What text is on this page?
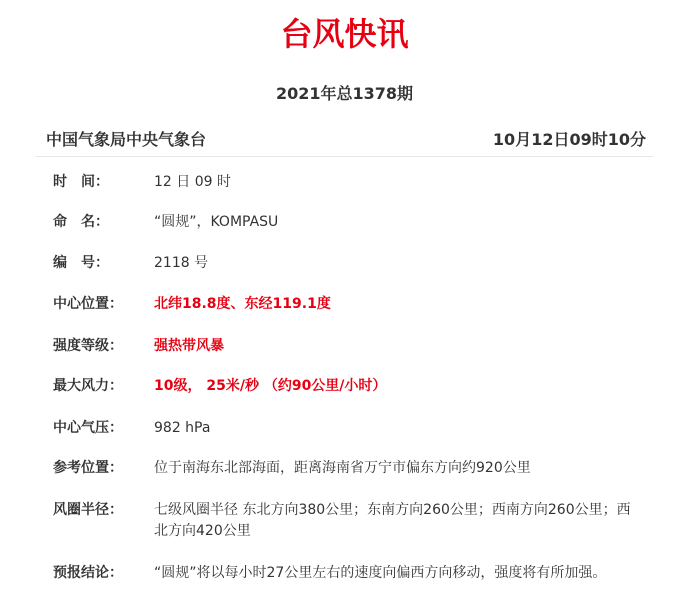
台风快讯
2021年总1378期
中国气象局中央气象台	10月12日09时10分
时　间：	12 日 09 时
命　名：	“圆规”，KOMPASU
编　号：	2118 号
中心位置：	北纬18.8度、东经119.1度
强度等级：	强热带风暴
最大风力：	10级， 25米/秒 （约90公里/小时）
中心气压：	982 hPa
参考位置：	位于南海东北部海面，距离海南省万宁市偏东方向约920公里
风圈半径：	七级风圈半径 东北方向380公里；东南方向260公里；西南方向260公里；西北方向420公里
预报结论：	“圆规”将以每小时27公里左右的速度向偏西方向移动，强度将有所加强。
